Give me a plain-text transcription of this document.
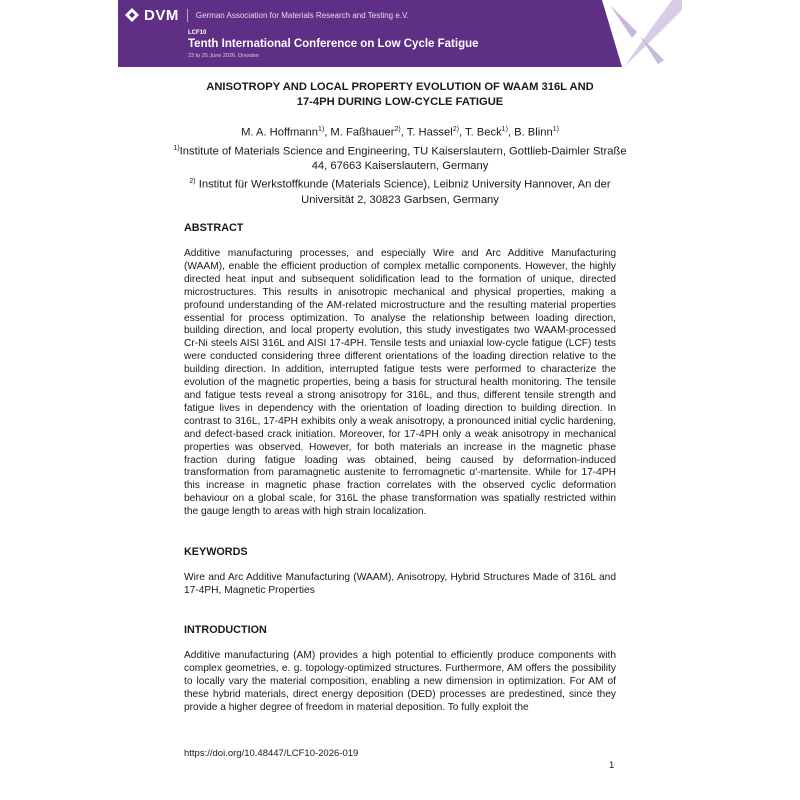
DVM German Association for Materials Research and Testing e.V.
LCF10
Tenth International Conference on Low Cycle Fatigue
23 to 25 June 2026, Dresden
ANISOTROPY AND LOCAL PROPERTY EVOLUTION OF WAAM 316L AND
17-4PH DURING LOW-CYCLE FATIGUE
M. A. Hoffmann$^{1)}$, M. Faßhauer$^{2)}$, T. Hassel$^{2)}$, T. Beck$^{1)}$, B. Blinn$^{1)}$
$^{1)}$Institute of Materials Science and Engineering, TU Kaiserslautern, Gottlieb-Daimler Straße 44, 67663 Kaiserslautern, Germany
$^{2)}$ Institut für Werkstoffkunde (Materials Science), Leibniz University Hannover, An der Universität 2, 30823 Garbsen, Germany
ABSTRACT
Additive manufacturing processes, and especially Wire and Arc Additive Manufacturing (WAAM), enable the efficient production of complex metallic components. However, the highly directed heat input and subsequent solidification lead to the formation of unique, directed microstructures. This results in anisotropic mechanical and physical properties, making a profound understanding of the AM-related microstructure and the resulting material properties essential for process optimization. To analyse the relationship between loading direction, building direction, and local property evolution, this study investigates two WAAM-processed Cr-Ni steels AISI 316L and AISI 17-4PH. Tensile tests and uniaxial low-cycle fatigue (LCF) tests were conducted considering three different orientations of the loading direction relative to the building direction. In addition, interrupted fatigue tests were performed to characterize the evolution of the magnetic properties, being a basis for structural health monitoring. The tensile and fatigue tests reveal a strong anisotropy for 316L, and thus, different tensile strength and fatigue lives in dependency with the orientation of loading direction to building direction. In contrast to 316L, 17-4PH exhibits only a weak anisotropy, a pronounced initial cyclic hardening, and defect-based crack initiation. Moreover, for 17-4PH only a weak anisotropy in mechanical properties was observed. However, for both materials an increase in the magnetic phase fraction during fatigue loading was obtained, being caused by deformation-induced transformation from paramagnetic austenite to ferromagnetic α'-martensite. While for 17-4PH this increase in magnetic phase fraction correlates with the observed cyclic deformation behaviour on a global scale, for 316L the phase transformation was spatially restricted within the gauge length to areas with high strain localization.
KEYWORDS
Wire and Arc Additive Manufacturing (WAAM), Anisotropy, Hybrid Structures Made of 316L and 17-4PH, Magnetic Properties
INTRODUCTION
Additive manufacturing (AM) provides a high potential to efficiently produce components with complex geometries, e. g. topology-optimized structures. Furthermore, AM offers the possibility to locally vary the material composition, enabling a new dimension in optimization. For AM of these hybrid materials, direct energy deposition (DED) processes are predestined, since they provide a higher degree of freedom in material deposition. To fully exploit the
https://doi.org/10.48447/LCF10-2026-019
1
